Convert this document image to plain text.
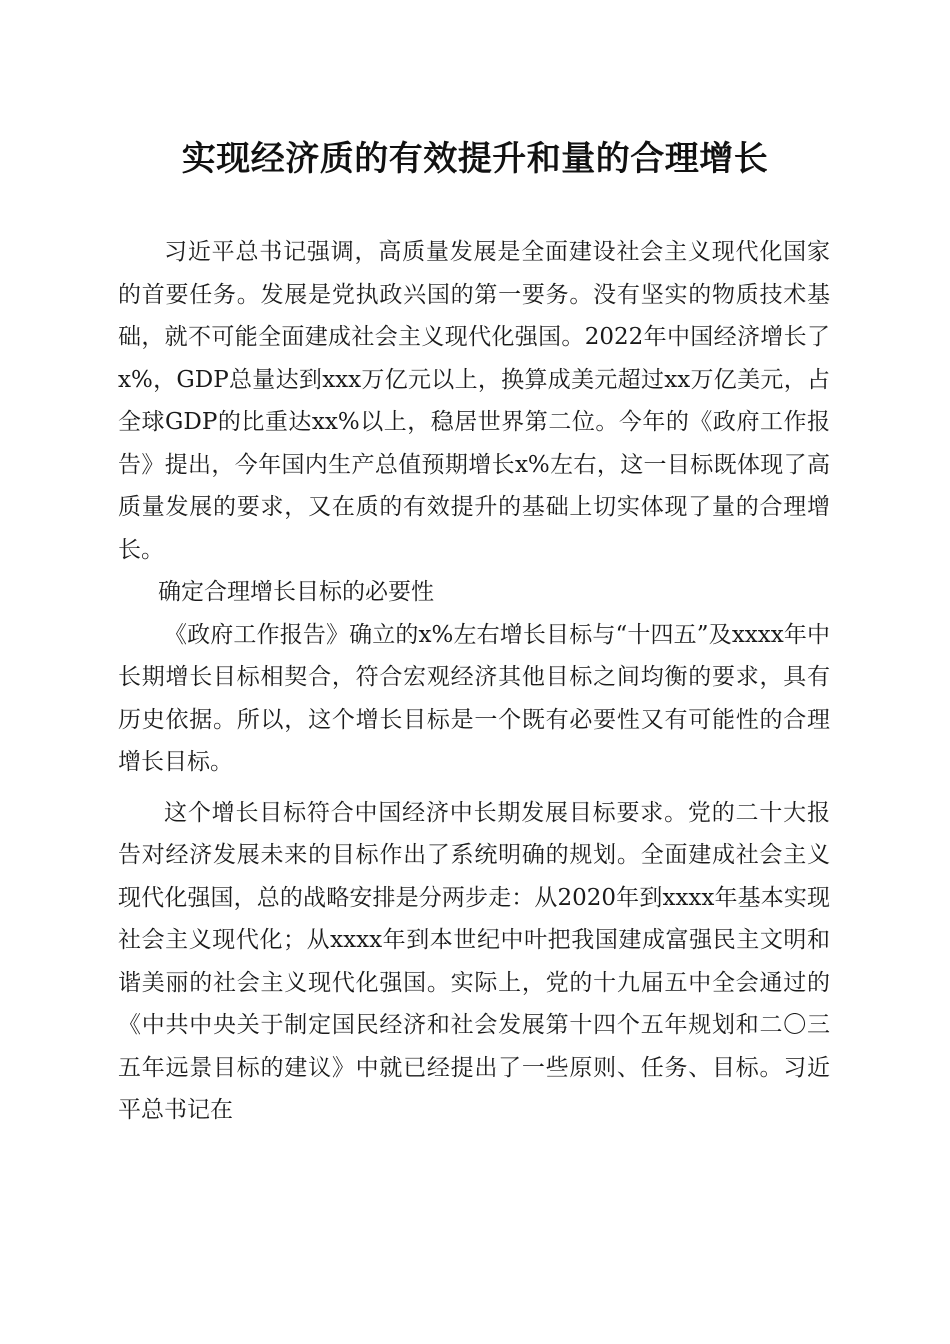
实现经济质的有效提升和量的合理增长

习近平总书记强调，高质量发展是全面建设社会主义现代化国家的首要任务。发展是党执政兴国的第一要务。没有坚实的物质技术基础，就不可能全面建成社会主义现代化强国。2022年中国经济增长了x%，GDP总量达到xxx万亿元以上，换算成美元超过xx万亿美元，占全球GDP的比重达xx%以上，稳居世界第二位。今年的《政府工作报告》提出，今年国内生产总值预期增长x%左右，这一目标既体现了高质量发展的要求，又在质的有效提升的基础上切实体现了量的合理增长。

确定合理增长目标的必要性

《政府工作报告》确立的x%左右增长目标与“十四五”及xxxx年中长期增长目标相契合，符合宏观经济其他目标之间均衡的要求，具有历史依据。所以，这个增长目标是一个既有必要性又有可能性的合理增长目标。

这个增长目标符合中国经济中长期发展目标要求。党的二十大报告对经济发展未来的目标作出了系统明确的规划。全面建成社会主义现代化强国，总的战略安排是分两步走：从2020年到xxxx年基本实现社会主义现代化；从xxxx年到本世纪中叶把我国建成富强民主文明和谐美丽的社会主义现代化强国。实际上，党的十九届五中全会通过的《中共中央关于制定国民经济和社会发展第十四个五年规划和二〇三五年远景目标的建议》中就已经提出了一些原则、任务、目标。习近平总书记在
